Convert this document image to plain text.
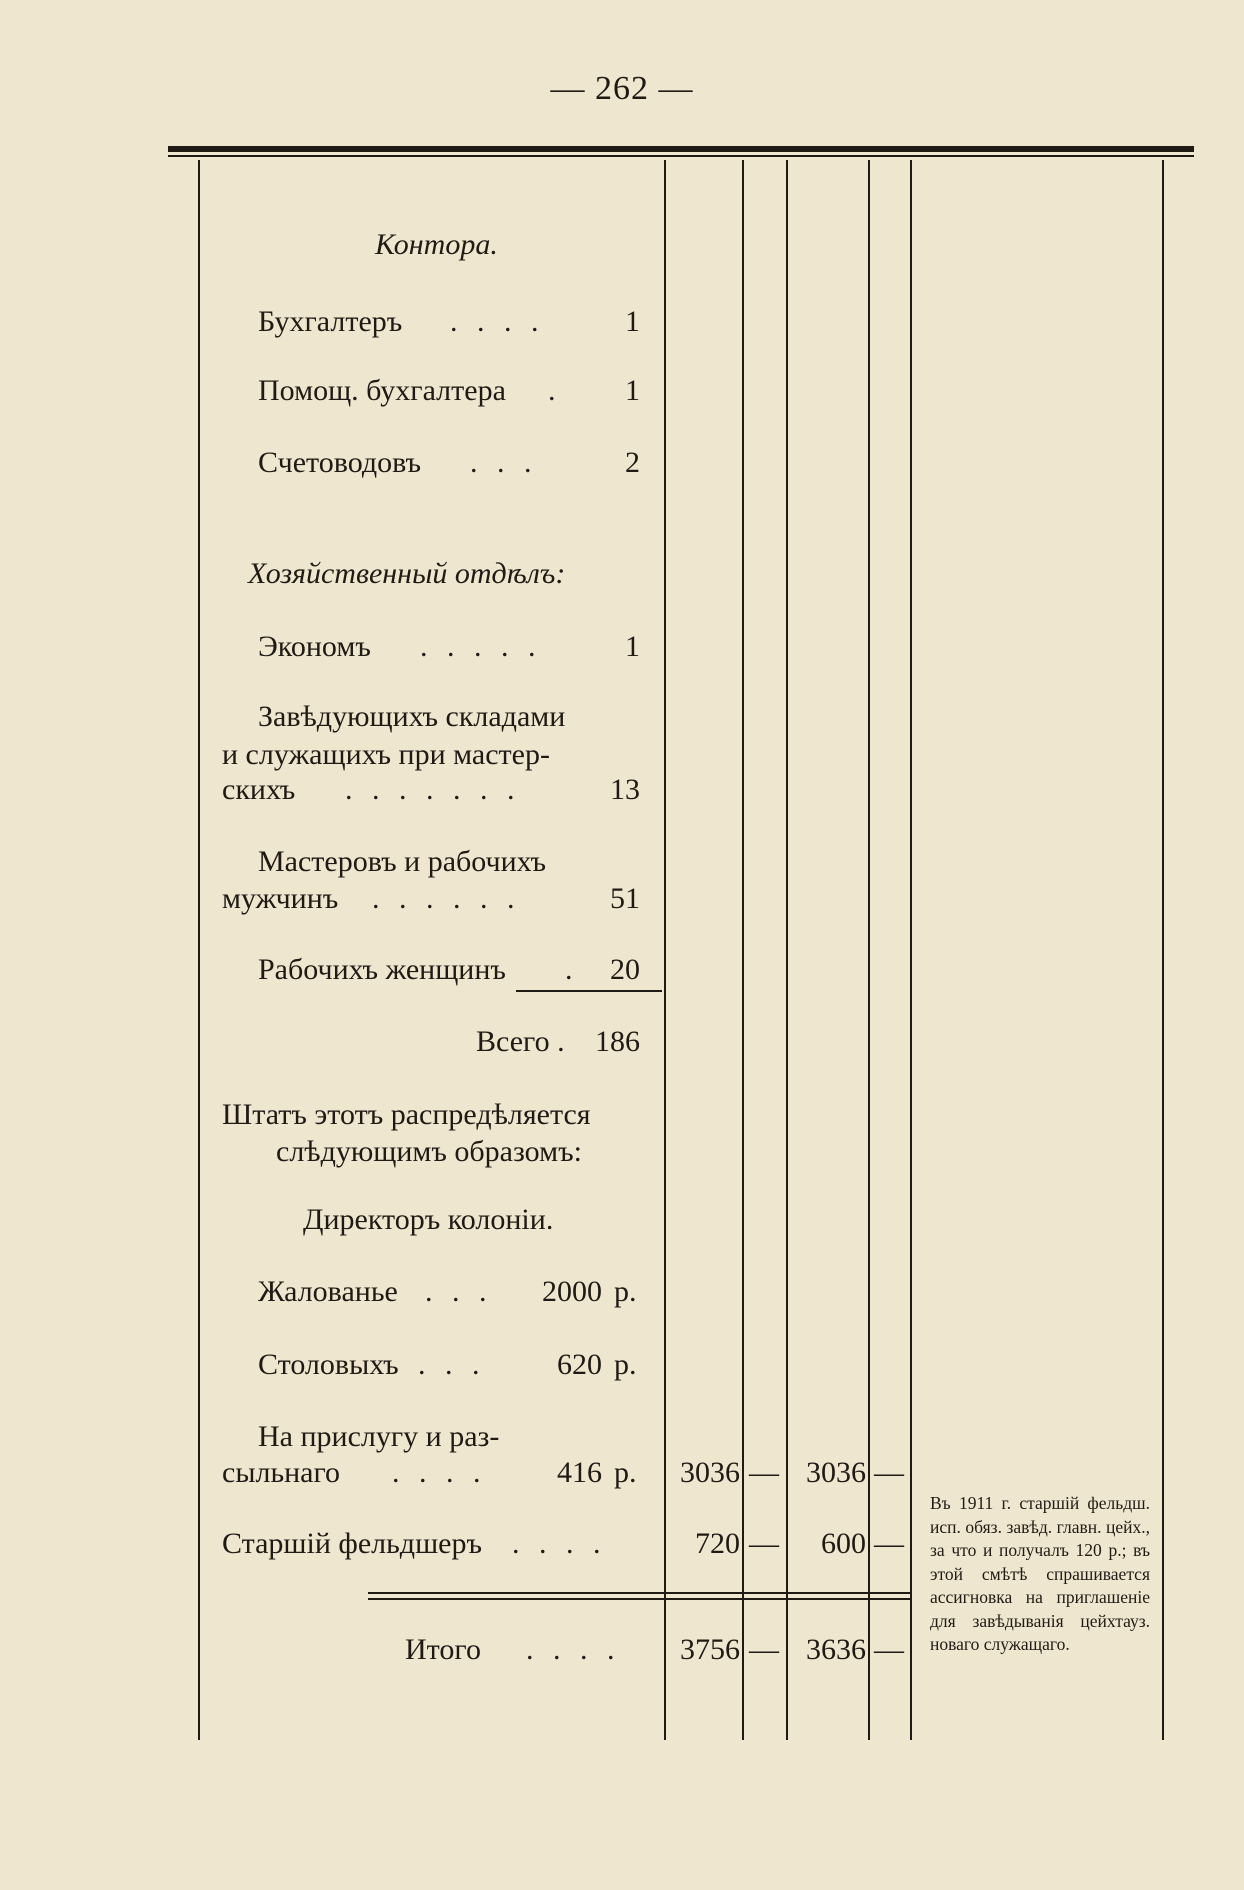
— 262 —
Контора.
Бухгалтеръ . . . .	1
Помощ. бухгалтера .	1
Счетоводовъ . . .	2
Хозяйственный отдѣлъ:
Экономъ . . . . .	1
Завѣдующихъ складами
и служащихъ при мастер-
скихъ . . . . . . .	13
Мастеровъ и рабочихъ
мужчинъ . . . . . .	51
Рабочихъ женщинъ .	20
Всего .	186
Штатъ этотъ распредѣляется
слѣдующимъ образомъ:
Директоръ колоніи.
Жалованье . . .	2000 р.
Столовыхъ . . .	620 р.
На прислугу и раз-
сыльнаго . . . .	416 р.	3036 — 3036 —
Старшій фельдшеръ . . . .	720 —	600 —
Итого . . . .	3756 — 3636 —
Въ 1911 г. старшій фельдш. исп. обяз. завѣд. главн. цейх., за что и получалъ 120 р.; въ этой смѣтѣ спрашивается ассигновка на приглашеніе для завѣдыванія цейхтауз. новаго служащаго.
